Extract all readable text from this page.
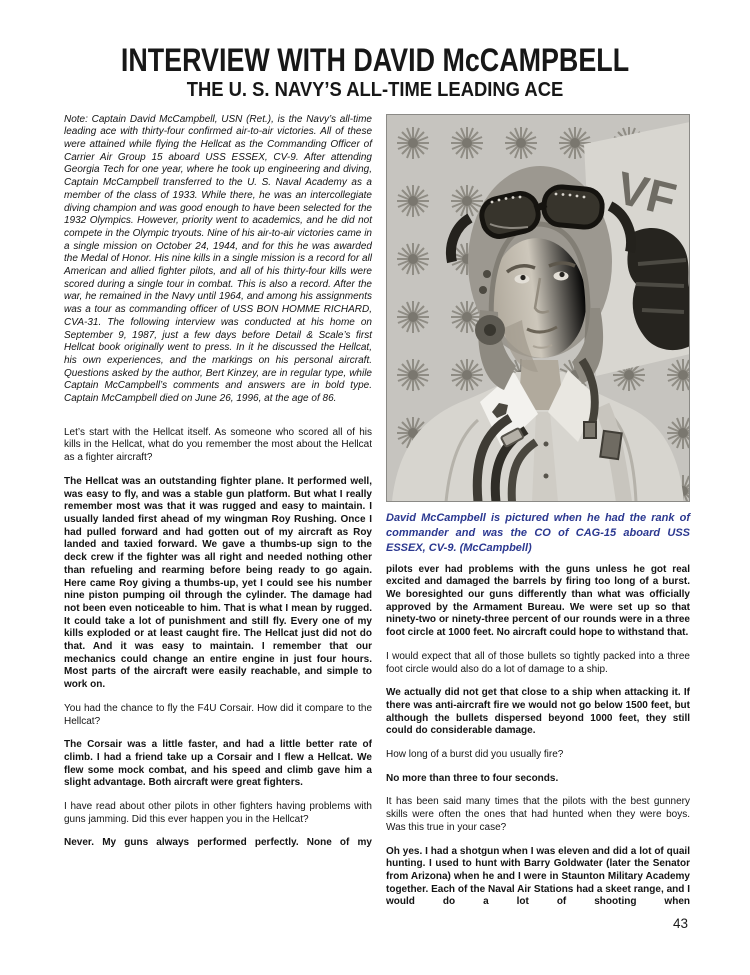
INTERVIEW WITH DAVID McCAMPBELL
THE U. S. NAVY’S ALL-TIME LEADING ACE

Note: Captain David McCampbell, USN (Ret.), is the Navy’s all-time leading ace with thirty-four confirmed air-to-air victories. All of these were attained while flying the Hellcat as the Commanding Officer of Carrier Air Group 15 aboard USS ESSEX, CV-9. After attending Georgia Tech for one year, where he took up engineering and diving, Captain McCampbell transferred to the U. S. Naval Academy as a member of the class of 1933. While there, he was an intercollegiate diving champion and was good enough to have been selected for the 1932 Olympics. However, priority went to academics, and he did not compete in the Olympic tryouts. Nine of his air-to-air victories came in a single mission on October 24, 1944, and for this he was awarded the Medal of Honor. His nine kills in a single mission is a record for all American and allied fighter pilots, and all of his thirty-four kills were scored during a single tour in combat. This is also a record. After the war, he remained in the Navy until 1964, and among his assignments was a tour as commanding officer of USS BON HOMME RICHARD, CVA-31. The following interview was conducted at his home on September 9, 1987, just a few days before Detail & Scale’s first Hellcat book originally went to press. In it he discussed the Hellcat, his own experiences, and the markings on his personal aircraft. Questions asked by the author, Bert Kinzey, are in regular type, while Captain McCampbell’s comments and answers are in bold type. Captain McCampbell died on June 26, 1996, at the age of 86.

Let’s start with the Hellcat itself. As someone who scored all of his kills in the Hellcat, what do you remember the most about the Hellcat as a fighter aircraft?

The Hellcat was an outstanding fighter plane. It performed well, was easy to fly, and was a stable gun platform. But what I really remember most was that it was rugged and easy to maintain. I usually landed first ahead of my wingman Roy Rushing. Once I had pulled forward and had gotten out of my aircraft as Roy landed and taxied forward. We gave a thumbs-up sign to the deck crew if the fighter was all right and needed nothing other than refueling and rearming before being ready to go again. Here came Roy giving a thumbs-up, yet I could see his number nine piston pumping oil through the cylinder. The damage had not been even noticeable to him. That is what I mean by rugged. It could take a lot of punishment and still fly. Every one of my kills exploded or at least caught fire. The Hellcat just did not do that. And it was easy to maintain. I remember that our mechanics could change an entire engine in just four hours. Most parts of the aircraft were easily reachable, and simple to work on.

You had the chance to fly the F4U Corsair. How did it compare to the Hellcat?

The Corsair was a little faster, and had a little better rate of climb. I had a friend take up a Corsair and I flew a Hellcat. We flew some mock combat, and his speed and climb gave him a slight advantage. Both aircraft were great fighters.

I have read about other pilots in other fighters having problems with guns jamming. Did this ever happen you in the Hellcat?

Never. My guns always performed perfectly. None of my

VF
David McCampbell is pictured when he had the rank of commander and was the CO of CAG-15 aboard USS ESSEX, CV-9. (McCampbell)

pilots ever had problems with the guns unless he got real excited and damaged the barrels by firing too long of a burst. We boresighted our guns differently than what was officially approved by the Armament Bureau. We were set up so that ninety-two or ninety-three percent of our rounds were in a three foot circle at 1000 feet. No aircraft could hope to withstand that.

I would expect that all of those bullets so tightly packed into a three foot circle would also do a lot of damage to a ship.

We actually did not get that close to a ship when attacking it. If there was anti-aircraft fire we would not go below 1500 feet, but although the bullets dispersed beyond 1000 feet, they still could do considerable damage.

How long of a burst did you usually fire?

No more than three to four seconds.

It has been said many times that the pilots with the best gunnery skills were often the ones that had hunted when they were boys. Was this true in your case?

Oh yes. I had a shotgun when I was eleven and did a lot of quail hunting. I used to hunt with Barry Goldwater (later the Senator from Arizona) when he and I were in Staunton Military Academy together. Each of the Naval Air Stations had a skeet range, and I would do a lot of shooting when

43
